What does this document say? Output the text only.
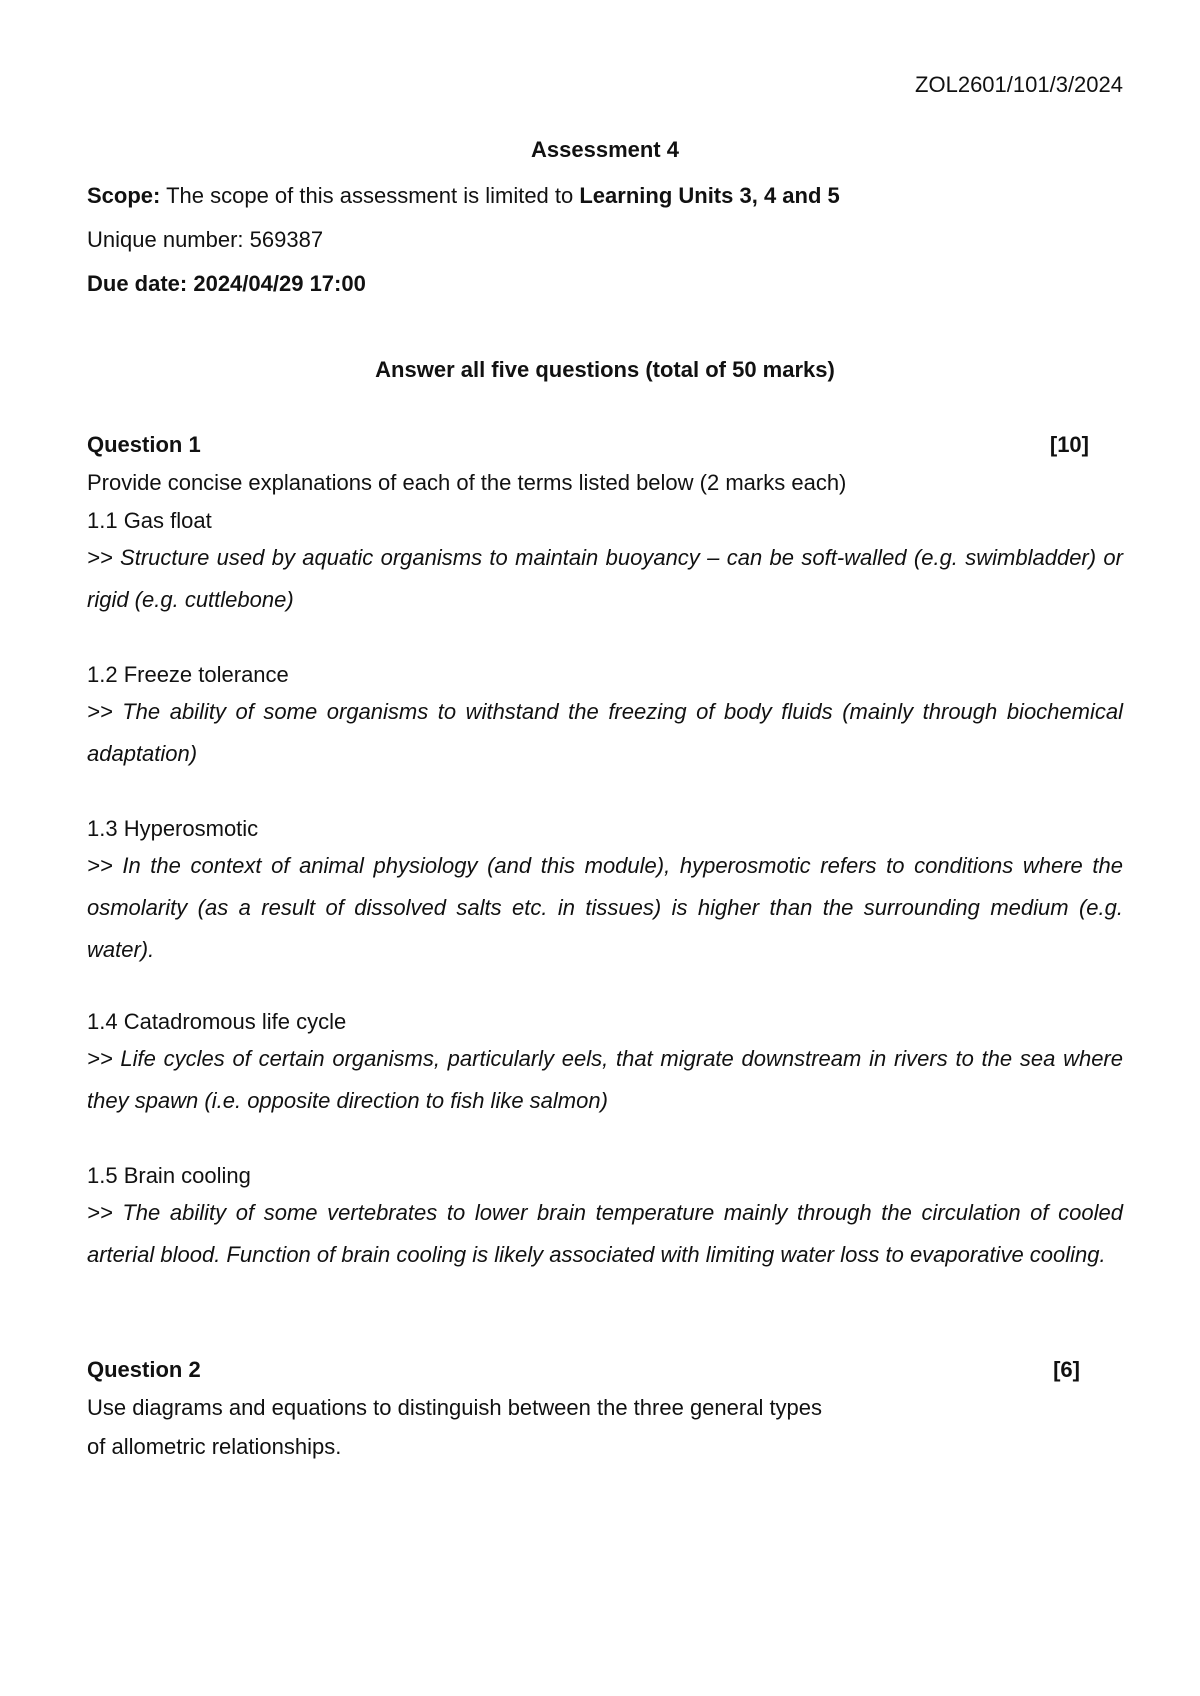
ZOL2601/101/3/2024
Assessment 4
Scope: The scope of this assessment is limited to Learning Units 3, 4 and 5
Unique number: 569387
Due date: 2024/04/29 17:00
Answer all five questions (total of 50 marks)
Question 1	[10]
Provide concise explanations of each of the terms listed below (2 marks each)
1.1 Gas float
>> Structure used by aquatic organisms to maintain buoyancy – can be soft-walled (e.g. swimbladder) or rigid (e.g. cuttlebone)
1.2 Freeze tolerance
>> The ability of some organisms to withstand the freezing of body fluids (mainly through biochemical adaptation)
1.3 Hyperosmotic
>> In the context of animal physiology (and this module), hyperosmotic refers to conditions where the osmolarity (as a result of dissolved salts etc. in tissues) is higher than the surrounding medium (e.g. water).
1.4 Catadromous life cycle
>> Life cycles of certain organisms, particularly eels, that migrate downstream in rivers to the sea where they spawn (i.e. opposite direction to fish like salmon)
1.5 Brain cooling
>> The ability of some vertebrates to lower brain temperature mainly through the circulation of cooled arterial blood. Function of brain cooling is likely associated with limiting water loss to evaporative cooling.
Question 2	[6]
Use diagrams and equations to distinguish between the three general types
of allometric relationships.
